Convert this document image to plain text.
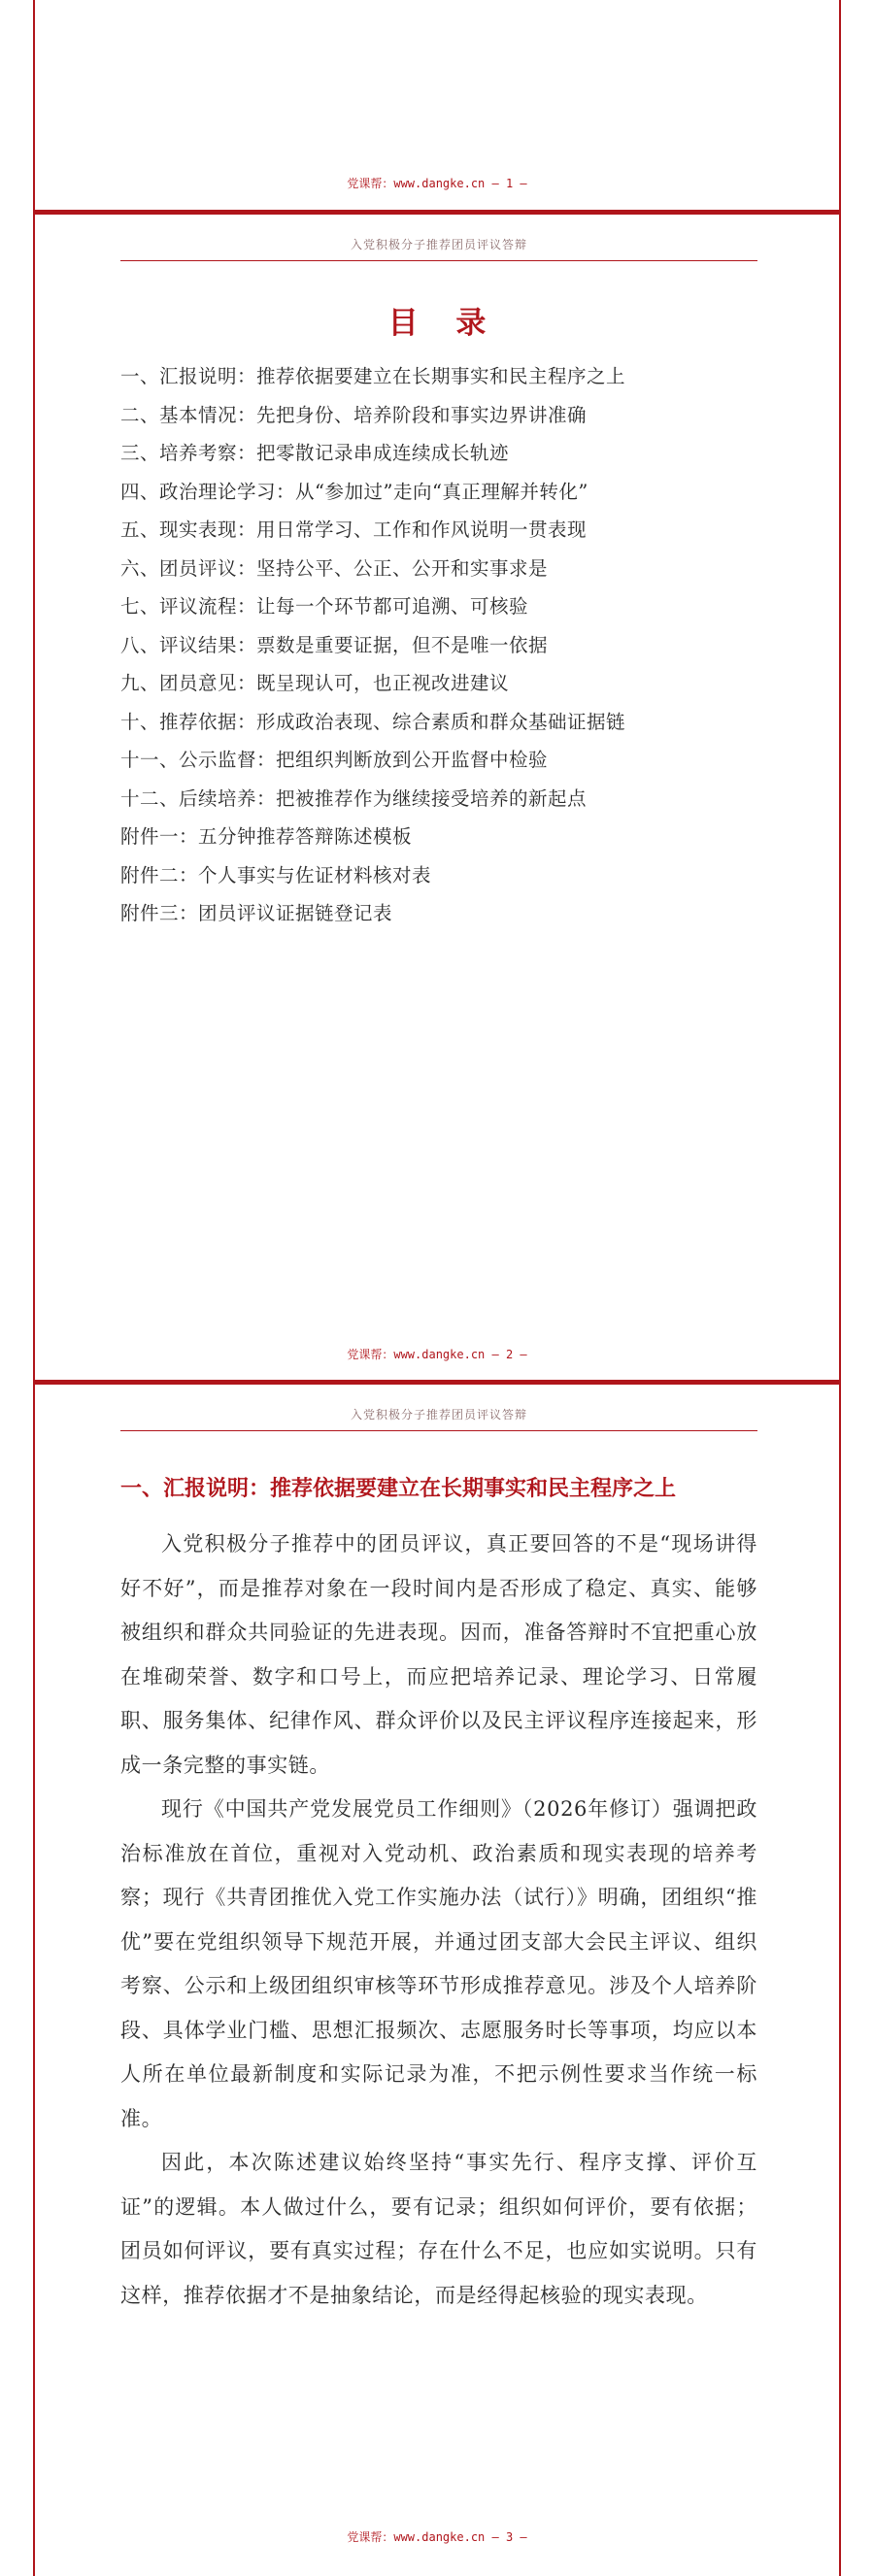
党课帮：www.dangke.cn — 1 —
入党积极分子推荐团员评议答辩
目 录
一、汇报说明：推荐依据要建立在长期事实和民主程序之上
二、基本情况：先把身份、培养阶段和事实边界讲准确
三、培养考察：把零散记录串成连续成长轨迹
四、政治理论学习：从“参加过”走向“真正理解并转化”
五、现实表现：用日常学习、工作和作风说明一贯表现
六、团员评议：坚持公平、公正、公开和实事求是
七、评议流程：让每一个环节都可追溯、可核验
八、评议结果：票数是重要证据，但不是唯一依据
九、团员意见：既呈现认可，也正视改进建议
十、推荐依据：形成政治表现、综合素质和群众基础证据链
十一、公示监督：把组织判断放到公开监督中检验
十二、后续培养：把被推荐作为继续接受培养的新起点
附件一：五分钟推荐答辩陈述模板
附件二：个人事实与佐证材料核对表
附件三：团员评议证据链登记表
党课帮：www.dangke.cn — 2 —
入党积极分子推荐团员评议答辩
一、汇报说明：推荐依据要建立在长期事实和民主程序之上

入党积极分子推荐中的团员评议，真正要回答的不是“现场讲得好不好”，而是推荐对象在一段时间内是否形成了稳定、真实、能够被组织和群众共同验证的先进表现。因而，准备答辩时不宜把重心放在堆砌荣誉、数字和口号上，而应把培养记录、理论学习、日常履职、服务集体、纪律作风、群众评价以及民主评议程序连接起来，形成一条完整的事实链。

现行《中国共产党发展党员工作细则》（2026年修订）强调把政治标准放在首位，重视对入党动机、政治素质和现实表现的培养考察；现行《共青团推优入党工作实施办法（试行）》明确，团组织“推优”要在党组织领导下规范开展，并通过团支部大会民主评议、组织考察、公示和上级团组织审核等环节形成推荐意见。涉及个人培养阶段、具体学业门槛、思想汇报频次、志愿服务时长等事项，均应以本人所在单位最新制度和实际记录为准，不把示例性要求当作统一标准。

因此，本次陈述建议始终坚持“事实先行、程序支撑、评价互证”的逻辑。本人做过什么，要有记录；组织如何评价，要有依据；团员如何评议，要有真实过程；存在什么不足，也应如实说明。只有这样，推荐依据才不是抽象结论，而是经得起核验的现实表现。

党课帮：www.dangke.cn — 3 —
